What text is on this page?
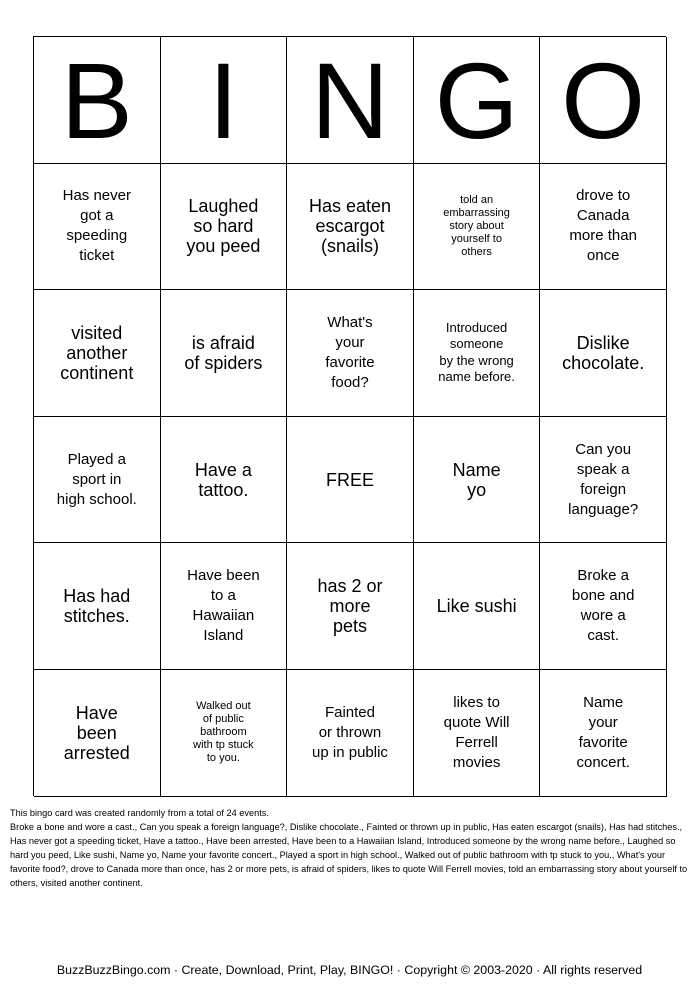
B I N G O
Has never
got a
speeding
ticket
Laughed
so hard
you peed
Has eaten
escargot
(snails)
told an
embarrassing
story about
yourself to
others
drove to
Canada
more than
once
visited
another
continent
is afraid
of spiders
What's
your
favorite
food?
Introduced
someone
by the wrong
name before.
Dislike
chocolate.
Played a
sport in
high school.
Have a
tattoo.	FREE	Name
yo
Can you
speak a
foreign
language?
Has had
stitches.
Have been
to a
Hawaiian
Island
has 2 or
more
pets
Like sushi
Broke a
bone and
wore a
cast.
Have
been
arrested
Walked out
of public
bathroom
with tp stuck
to you.
Fainted
or thrown
up in public
likes to
quote Will
Ferrell
movies
Name
your
favorite
concert.
This bingo card was created randomly from a total of 24 events.
Broke a bone and wore a cast., Can you speak a foreign language?, Dislike chocolate., Fainted or thrown up in public, Has eaten escargot (snails), Has had stitches., Has never got a speeding ticket, Have a tattoo., Have been arrested, Have been to a Hawaiian Island, Introduced someone by the wrong name before., Laughed so hard you peed, Like sushi, Name yo, Name your favorite concert., Played a sport in high school., Walked out of public bathroom with tp stuck to you., What's your favorite food?, drove to Canada more than once, has 2 or more pets, is afraid of spiders, likes to quote Will Ferrell movies, told an embarrassing story about yourself to others, visited another continent.
BuzzBuzzBingo.com · Create, Download, Print, Play, BINGO! · Copyright © 2003-2020 · All rights reserved
